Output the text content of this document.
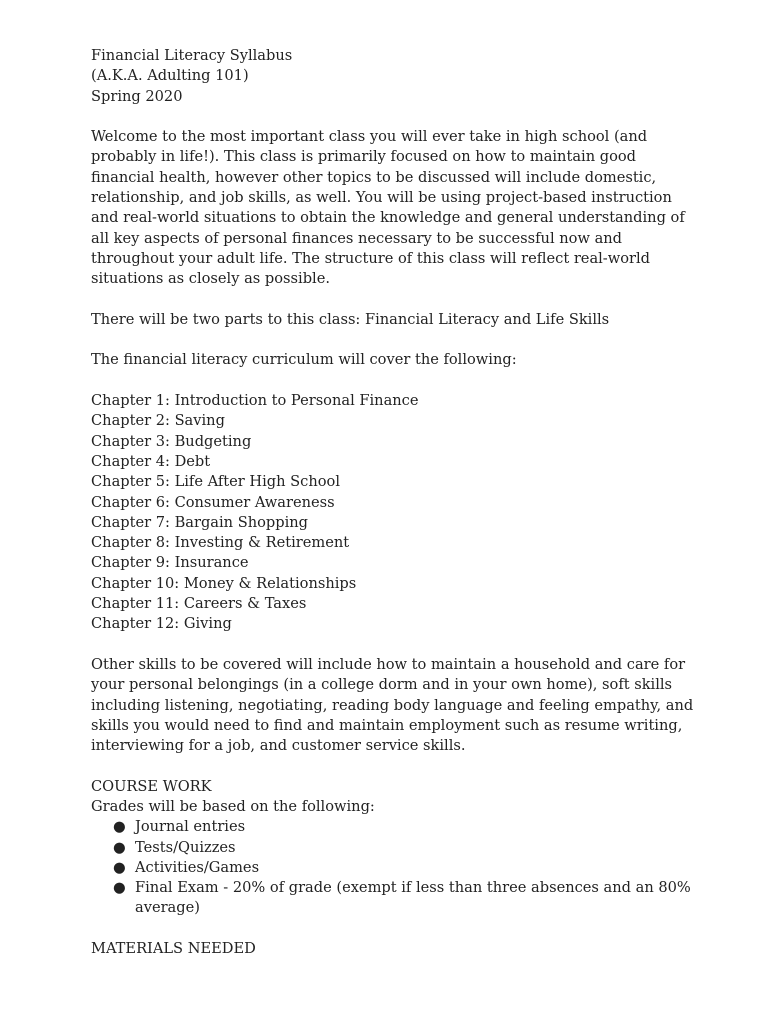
Financial Literacy Syllabus
(A.K.A. Adulting 101)
Spring 2020
Welcome to the most important class you will ever take in high school (and
probably in life!). This class is primarily focused on how to maintain good
financial health, however other topics to be discussed will include domestic,
relationship, and job skills, as well. You will be using project-based instruction
and real-world situations to obtain the knowledge and general understanding of
all key aspects of personal finances necessary to be successful now and
throughout your adult life. The structure of this class will reflect real-world
situations as closely as possible.
There will be two parts to this class: Financial Literacy and Life Skills
The financial literacy curriculum will cover the following:
Chapter 1: Introduction to Personal Finance
Chapter 2: Saving
Chapter 3: Budgeting
Chapter 4: Debt
Chapter 5: Life After High School
Chapter 6: Consumer Awareness
Chapter 7: Bargain Shopping
Chapter 8: Investing & Retirement
Chapter 9: Insurance
Chapter 10: Money & Relationships
Chapter 11: Careers & Taxes
Chapter 12: Giving
Other skills to be covered will include how to maintain a household and care for
your personal belongings (in a college dorm and in your own home), soft skills
including listening, negotiating, reading body language and feeling empathy, and
skills you would need to find and maintain employment such as resume writing,
interviewing for a job, and customer service skills.
COURSE WORK
Grades will be based on the following:
● Journal entries
● Tests/Quizzes
● Activities/Games
● Final Exam - 20% of grade (exempt if less than three absences and an 80%
average)
MATERIALS NEEDED
